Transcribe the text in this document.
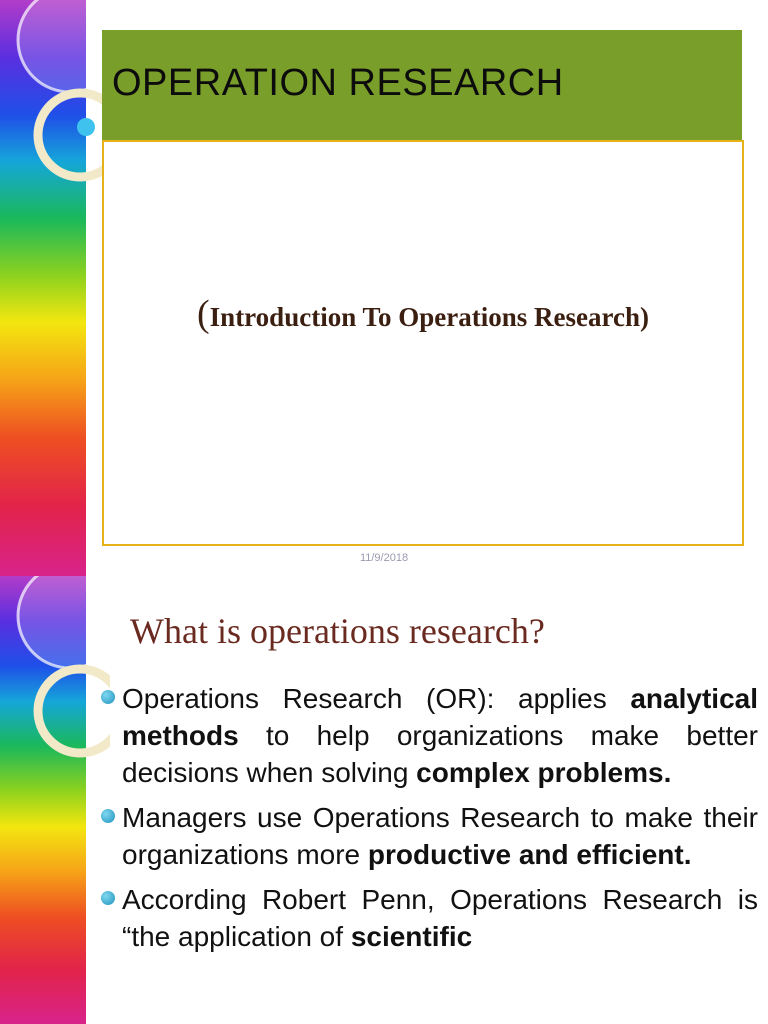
OPERATION RESEARCH
(Introduction To Operations Research)
11/9/2018
What is operations research?
Operations Research (OR): applies analytical methods to help organizations make better decisions when solving complex problems.
Managers use Operations Research to make their organizations more productive and efficient.
According Robert Penn, Operations Research is “the application of scientific
